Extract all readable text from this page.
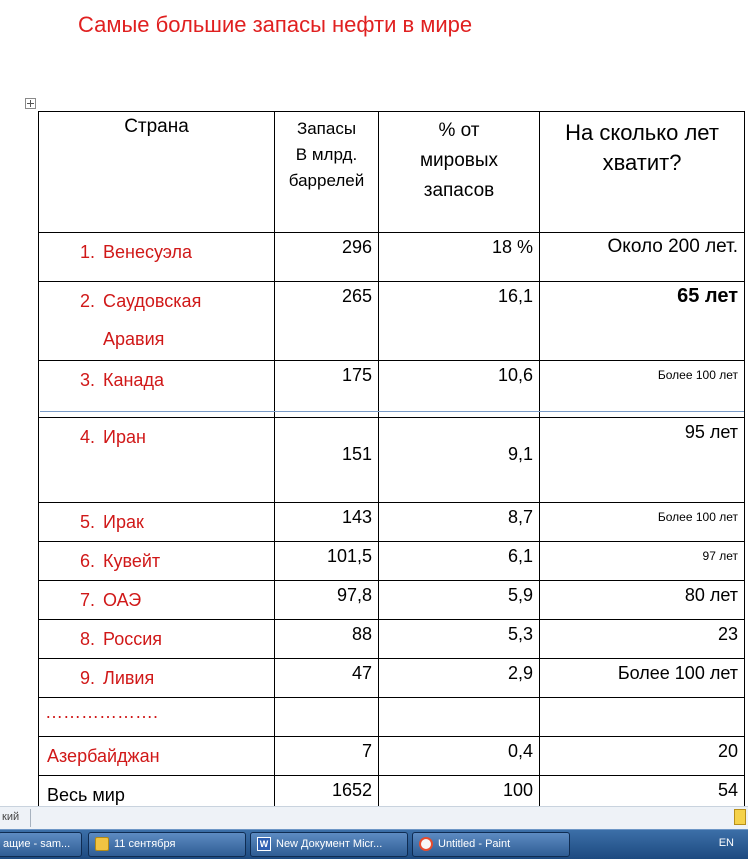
Самые большие запасы нефти в мире
Страна	Запасы
В млрд.
баррелей	% от
мировых
запасов	На сколько лет
хватит?
1. Венесуэла	296	18 %	Около 200 лет.
2. Саудовская
Аравия	265	16,1	65 лет
3. Канада	175	10,6	Более 100 лет
4. Иран	151	9,1	95 лет
5. Ирак	143	8,7	Более 100 лет
6. Кувейт	101,5	6,1	97 лет
7. ОАЭ	97,8	5,9	80 лет
8. Россия	88	5,3	23
9. Ливия	47	2,9	Более 100 лет
……………….			
Азербайджан	7	0,4	20
Весь мир	1652	100	54
кий
ащие - sam...	11 сентября	W New Документ Micr...	Untitled - Paint	EN
